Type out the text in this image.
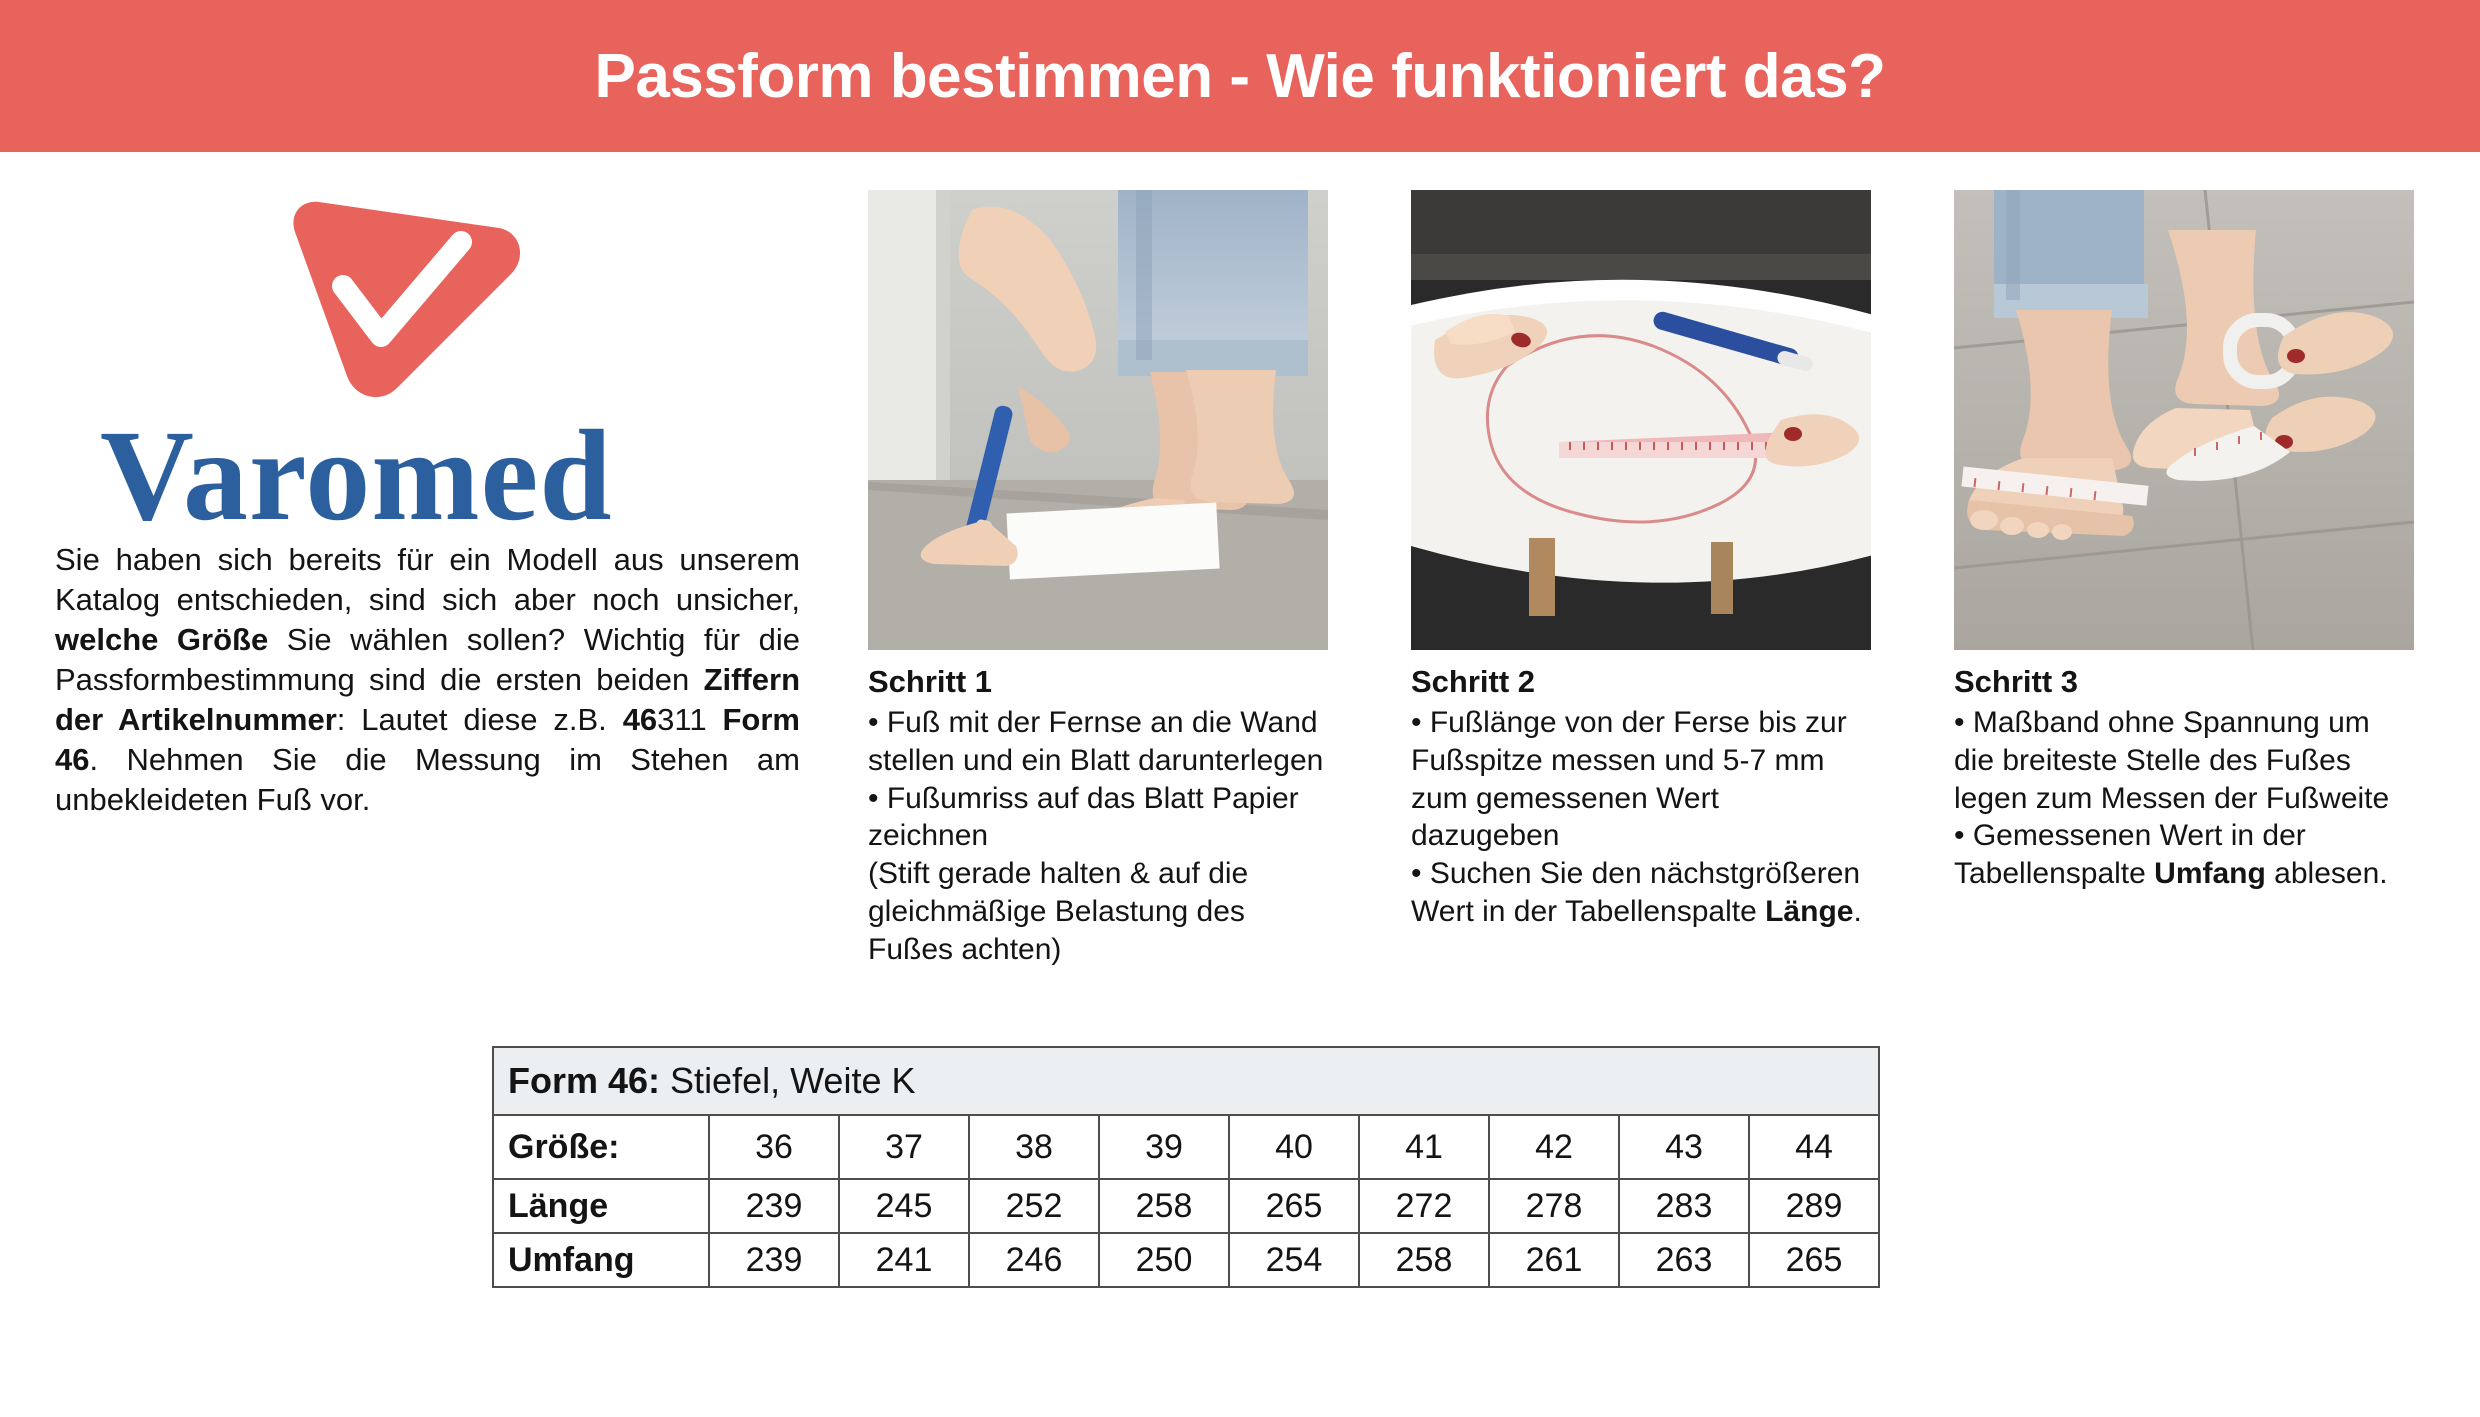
Passform bestimmen - Wie funktioniert das?
Varomed
Sie haben sich bereits für ein Modell aus unserem Katalog entschieden, sind sich aber noch unsicher, welche Größe Sie wählen sollen? Wichtig für die Passformbestimmung sind die ersten beiden Ziffern der Artikelnummer: Lautet diese z.B. 46311 Form 46. Nehmen Sie die Messung im Stehen am unbekleideten Fuß vor.
Schritt 1
• Fuß mit der Fernse an die Wand stellen und ein Blatt darunterlegen
• Fußumriss auf das Blatt Papier zeichnen
(Stift gerade halten & auf die gleichmäßige Belastung des Fußes achten)
Schritt 2
• Fußlänge von der Ferse bis zur Fußspitze messen und 5-7 mm zum gemessenen Wert dazugeben
• Suchen Sie den nächstgrößeren Wert in der Tabellenspalte Länge.
Schritt 3
• Maßband ohne Spannung um die breiteste Stelle des Fußes legen zum Messen der Fußweite
• Gemessenen Wert in der Tabellenspalte Umfang ablesen.
Form 46: Stiefel, Weite K									
Größe:	36	37	38	39	40	41	42	43	44
Länge	239	245	252	258	265	272	278	283	289
Umfang	239	241	246	250	254	258	261	263	265
